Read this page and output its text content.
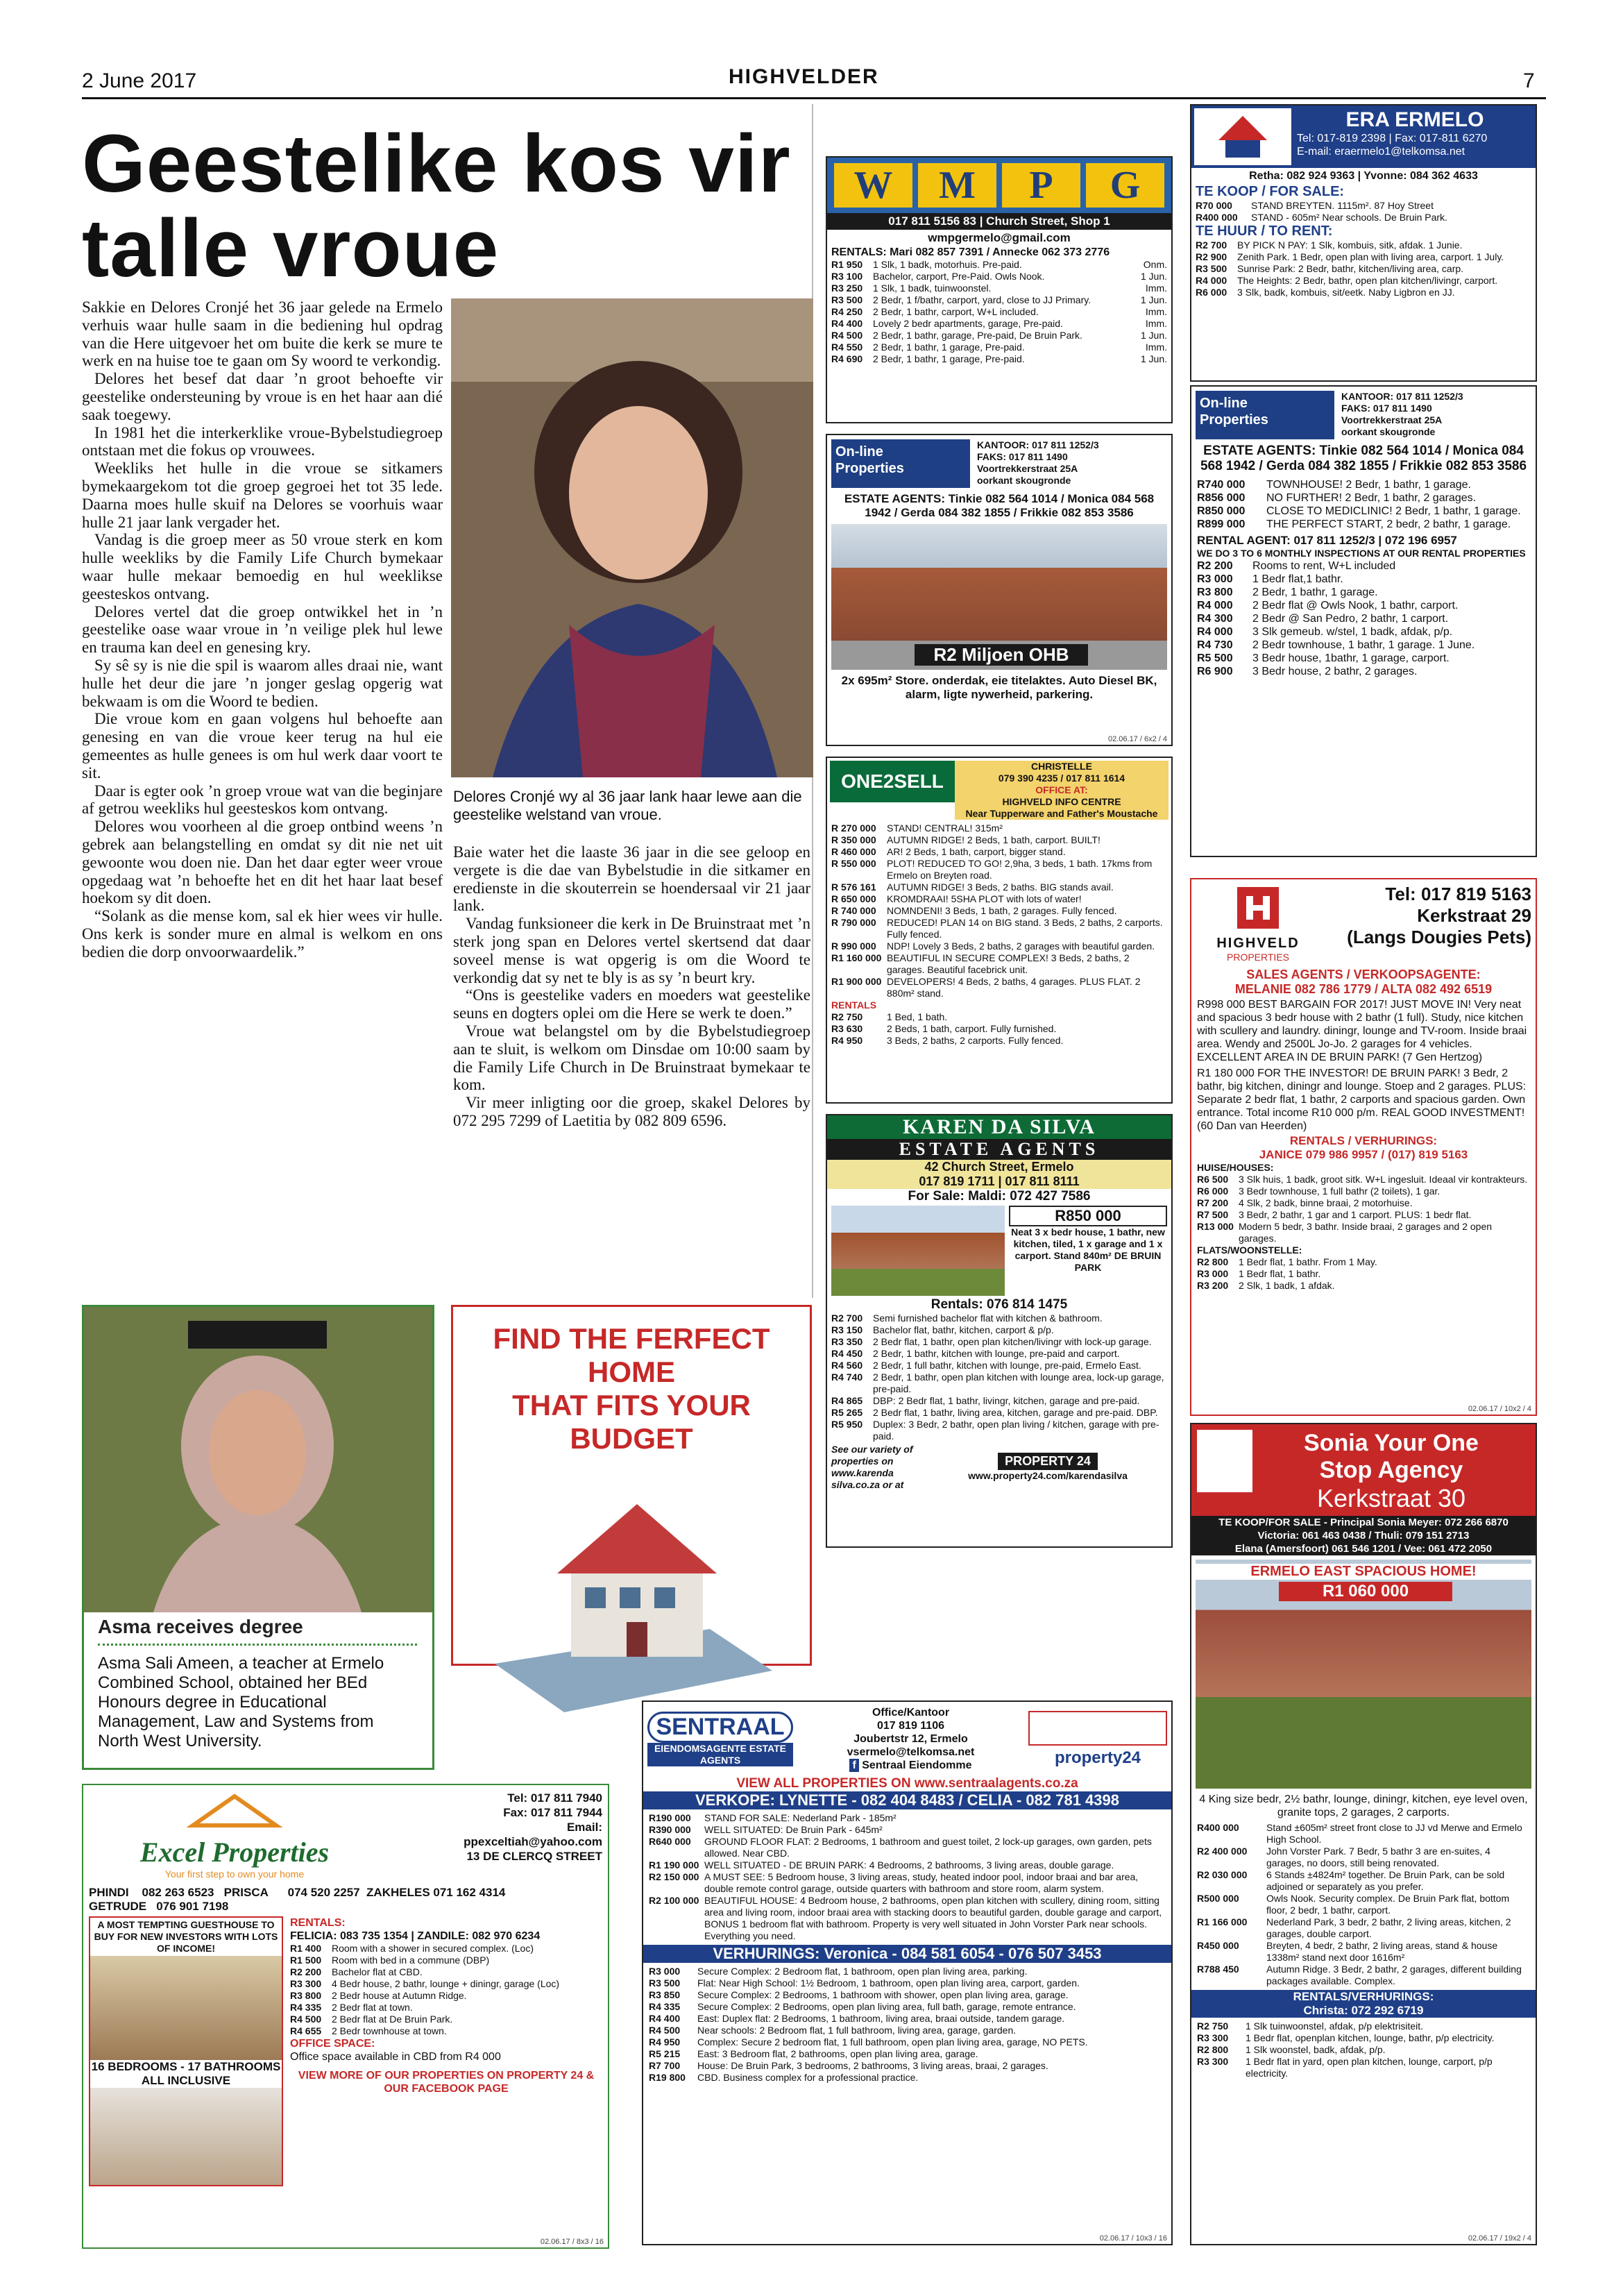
2 June 2017	HIGHVELDER	7
Geestelike kos vir talle vroue

Sakkie en Delores Cronjé het 36 jaar gelede na Ermelo verhuis waar hulle saam in die bediening hul opdrag van die Here uitgevoer het om buite die kerk se mure te werk en na huise toe te gaan om Sy woord te verkondig.

Delores het besef dat daar ’n groot behoefte vir geestelike ondersteuning by vroue is en het haar aan dié saak toegewy.

In 1981 het die interkerklike vroue-Bybelstudiegroep ontstaan met die fokus op vrouwees.

Weekliks het hulle in die vroue se sitkamers bymekaargekom tot die groep gegroei het tot 35 lede. Daarna moes hulle skuif na Delores se voorhuis waar hulle 21 jaar lank vergader het.

Vandag is die groep meer as 50 vroue sterk en kom hulle weekliks by die Family Life Church bymekaar waar hulle mekaar bemoedig en hul weeklikse geesteskos ontvang.

Delores vertel dat die groep ontwikkel het in ’n geestelike oase waar vroue in ’n veilige plek hul lewe en trauma kan deel en genesing kry.

Sy sê sy is nie die spil is waarom alles draai nie, want hulle het deur die jare ’n jonger geslag opgerig wat bekwaam is om die Woord te bedien.

Die vroue kom en gaan volgens hul behoefte aan genesing en van die vroue keer terug na hul eie gemeentes as hulle genees is om hul werk daar voort te sit.

Daar is egter ook ’n groep vroue wat van die beginjare af getrou weekliks hul geesteskos kom ontvang.

Delores wou voorheen al die groep ontbind weens ’n gebrek aan belangstelling en omdat sy dit nie net uit gewoonte wou doen nie. Dan het daar egter weer vroue opgedaag wat ’n behoefte het en dit het haar laat besef hoekom sy dit doen.

“Solank as die mense kom, sal ek hier wees vir hulle. Ons kerk is sonder mure en almal is welkom en ons bedien die dorp onvoorwaardelik.”

Delores Cronjé wy al 36 jaar lank haar lewe aan die geestelike welstand van vroue.

Baie water het die laaste 36 jaar in die see geloop en vergete is die dae van Bybelstudie in die sitkamer en eredienste in die skouterrein se hoendersaal vir 21 jaar lank.

Vandag funksioneer die kerk in De Bruinstraat met ’n sterk jong span en Delores vertel skertsend dat daar soveel mense is wat opgerig is om die Woord te verkondig dat sy net te bly is as sy ’n beurt kry.

“Ons is geestelike vaders en moeders wat geestelike seuns en dogters oplei om die Here se werk te doen.”

Vroue wat belangstel om by die Bybelstudiegroep aan te sluit, is welkom om Dinsdae om 10:00 saam by die Family Life Church in De Bruinstraat bymekaar te kom.

Vir meer inligting oor die groep, skakel Delores by 072 295 7299 of Laetitia by 082 809 6596.

Asma receives degree
Asma Sali Ameen, a teacher at Ermelo Combined School, obtained her BEd Honours degree in Educational Management, Law and Systems from North West University.
FIND THE FERFECT HOME
THAT FITS YOUR BUDGET
W	M	P	G
017 811 5156 83 | Church Street, Shop 1
wmpgermelo@gmail.com
RENTALS: Mari 082 857 7391 / Annecke 062 373 2776
R1 950	1 Slk, 1 badk, motorhuis. Pre-paid.	Onm.
R3 100	Bachelor, carport, Pre-Paid. Owls Nook.	1 Jun.
R3 250	1 Slk, 1 badk, tuinwoonstel.	Imm.
R3 500	2 Bedr, 1 f/bathr, carport, yard, close to JJ Primary.	1 Jun.
R4 250	2 Bedr, 1 bathr, carport, W+L included.	Imm.
R4 400	Lovely 2 bedr apartments, garage, Pre-paid.	Imm.
R4 500	2 Bedr, 1 bathr, garage, Pre-paid, De Bruin Park.	1 Jun.
R4 550	2 Bedr, 1 bathr, 1 garage, Pre-paid.	Imm.
R4 690	2 Bedr, 1 bathr, 1 garage, Pre-paid.	1 Jun.
On-line
Properties
KANTOOR: 017 811 1252/3
FAKS: 017 811 1490
Voortrekkerstraat 25A
oorkant skougronde
ESTATE AGENTS: Tinkie 082 564 1014 / Monica 084 568 1942 / Gerda 084 382 1855 / Frikkie 082 853 3586
R2 Miljoen OHB
2x 695m² Store. onderdak, eie titelaktes. Auto Diesel BK, alarm, ligte nywerheid, parkering.
02.06.17 / 6x2 / 4
ONE2SELL
CHRISTELLE
079 390 4235 / 017 811 1614
OFFICE AT:
HIGHVELD INFO CENTRE
Near Tupperware and Father's Moustache
R 270 000	STAND! CENTRAL! 315m²
R 350 000	AUTUMN RIDGE! 2 Beds, 1 bath, carport. BUILT!
R 460 000	AR! 2 Beds, 1 bath, carport, bigger stand.
R 550 000	PLOT! REDUCED TO GO! 2,9ha, 3 beds, 1 bath. 17kms from Ermelo on Breyten road.
R 576 161	AUTUMN RIDGE! 3 Beds, 2 baths. BIG stands avail.
R 650 000	KROMDRAAI! 5SHA PLOT with lots of water!
R 740 000	NOMNDENI! 3 Beds, 1 bath, 2 garages. Fully fenced.
R 790 000	REDUCED! PLAN 14 on BIG stand. 3 Beds, 2 baths, 2 carports. Fully fenced.
R 990 000	NDP! Lovely 3 Beds, 2 baths, 2 garages with beautiful garden.
R1 160 000 BEAUTIFUL IN SECURE COMPLEX! 3 Beds, 2 baths, 2 garages. Beautiful facebrick unit.
R1 900 000 DEVELOPERS! 4 Beds, 2 baths, 4 garages. PLUS FLAT. 2 880m² stand.
RENTALS
R2 750	1 Bed, 1 bath.
R3 630	2 Beds, 1 bath, carport. Fully furnished.
R4 950	3 Beds, 2 baths, 2 carports. Fully fenced.
KAREN DA SILVA
ESTATE AGENTS
42 Church Street, Ermelo
017 819 1711 | 017 811 8111
For Sale: Maldi: 072 427 7586
R850 000
Neat 3 x bedr house, 1 bathr, new kitchen, tiled, 1 x garage and 1 x carport. Stand 840m² DE BRUIN PARK
Rentals: 076 814 1475
R2 700	Semi furnished bachelor flat with kitchen & bathroom.
R3 150	Bachelor flat, bathr, kitchen, carport & p/p.
R3 350	2 Bedr flat, 1 bathr, open plan kitchen/livingr with lock-up garage.
R4 450	2 Bedr, 1 bathr, kitchen with lounge, pre-paid and carport.
R4 560	2 Bedr, 1 full bathr, kitchen with lounge, pre-paid, Ermelo East.
R4 740	2 Bedr, 1 bathr, open plan kitchen with lounge area, lock-up garage, pre-paid.
R4 865	DBP: 2 Bedr flat, 1 bathr, livingr, kitchen, garage and pre-paid.
R5 265	2 Bedr flat, 1 bathr, living area, kitchen, garage and pre-paid. DBP.
R5 950	Duplex: 3 Bedr, 2 bathr, open plan living / kitchen, garage with pre-paid.
See our variety of properties on www.karenda silva.co.za or at
PROPERTY 24
www.property24.com/karendasilva
ERA ERMELO
Tel: 017-819 2398 | Fax: 017-811 6270
E-mail: eraermelo1@telkomsa.net
Retha: 082 924 9363 | Yvonne: 084 362 4633
TE KOOP / FOR SALE:
R70 000	STAND BREYTEN. 1115m². 87 Hoy Street
R400 000	STAND - 605m² Near schools. De Bruin Park.
TE HUUR / TO RENT:
R2 700	BY PICK N PAY: 1 Slk, kombuis, sitk, afdak. 1 Junie.
R2 900	Zenith Park. 1 Bedr, open plan with living area, carport. 1 July.
R3 500	Sunrise Park: 2 Bedr, bathr, kitchen/living area, carp.
R4 000	The Heights: 2 Bedr, bathr, open plan kitchen/livingr, carport.
R6 000	3 Slk, badk, kombuis, sit/eetk. Naby Ligbron en JJ.
On-line
Properties
KANTOOR: 017 811 1252/3
FAKS: 017 811 1490
Voortrekkerstraat 25A
oorkant skougronde
ESTATE AGENTS: Tinkie 082 564 1014 / Monica 084 568 1942 / Gerda 084 382 1855 / Frikkie 082 853 3586
R740 000	TOWNHOUSE! 2 Bedr, 1 bathr, 1 garage.
R856 000	NO FURTHER! 2 Bedr, 1 bathr, 2 garages.
R850 000	CLOSE TO MEDICLINIC! 2 Bedr, 1 bathr, 1 garage.
R899 000	THE PERFECT START, 2 bedr, 2 bathr, 1 garage.
RENTAL AGENT: 017 811 1252/3 | 072 196 6957
WE DO 3 TO 6 MONTHLY INSPECTIONS AT OUR RENTAL PROPERTIES
R2 200	Rooms to rent, W+L included
R3 000	1 Bedr flat,1 bathr.
R3 800	2 Bedr, 1 bathr, 1 garage.
R4 000	2 Bedr flat @ Owls Nook, 1 bathr, carport.
R4 300	2 Bedr @ San Pedro, 2 bathr, 1 carport.
R4 000	3 Slk gemeub. w/stel, 1 badk, afdak, p/p.
R4 730	2 Bedr townhouse, 1 bathr, 1 garage. 1 June.
R5 500	3 Bedr house, 1bathr, 1 garage, carport.
R6 900	3 Bedr house, 2 bathr, 2 garages.
HIGHVELD
PROPERTIES
Tel: 017 819 5163
Kerkstraat 29
(Langs Dougies Pets)
SALES AGENTS / VERKOOPSAGENTE:
MELANIE 082 786 1779 / ALTA 082 492 6519
R998 000 BEST BARGAIN FOR 2017! JUST MOVE IN! Very neat and spacious 3 bedr house with 2 bathr (1 full). Study, nice kitchen with scullery and laundry. diningr, lounge and TV-room. Inside braai area. Wendy and 2500L Jo-Jo. 2 garages for 4 vehicles. EXCELLENT AREA IN DE BRUIN PARK! (7 Gen Hertzog)
R1 180 000 FOR THE INVESTOR! DE BRUIN PARK! 3 Bedr, 2 bathr, big kitchen, diningr and lounge. Stoep and 2 garages. PLUS: Separate 2 bedr flat, 1 bathr, 2 carports and spacious garden. Own entrance. Total income R10 000 p/m. REAL GOOD INVESTMENT! (60 Dan van Heerden)
RENTALS / VERHURINGS:
JANICE 079 986 9957 / (017) 819 5163
HUISE/HOUSES:
R6 500	3 Slk huis, 1 badk, groot sitk. W+L ingesluit. Ideaal vir kontrakteurs.
R6 000	3 Bedr townhouse, 1 full bathr (2 toilets), 1 gar.
R7 200	4 Slk, 2 badk, binne braai, 2 motorhuise.
R7 500	3 Bedr, 2 bathr, 1 gar and 1 carport. PLUS: 1 bedr flat.
R13 000 Modern 5 bedr, 3 bathr. Inside braai, 2 garages and 2 open garages.
FLATS/WOONSTELLE:
R2 800	1 Bedr flat, 1 bathr. From 1 May.
R3 000	1 Bedr flat, 1 bathr.
R3 200	2 Slk, 1 badk, 1 afdak.
02.06.17 / 10x2 / 4
Sonia Your One
Stop Agency
Kerkstraat 30
TE KOOP/FOR SALE - Principal Sonia Meyer: 072 266 6870
Victoria: 061 463 0438 / Thuli: 079 151 2713
Elana (Amersfoort) 061 546 1201 / Vee: 061 472 2050
ERMELO EAST SPACIOUS HOME!
R1 060 000
4 King size bedr, 2½ bathr, lounge, diningr, kitchen, eye level oven, granite tops, 2 garages, 2 carports.
R400 000	Stand ±605m² street front close to JJ vd Merwe and Ermelo High School.
R2 400 000	John Vorster Park. 7 Bedr, 5 bathr 3 are en-suites, 4 garages, no doors, still being renovated.
R2 030 000	6 Stands ±4824m² together. De Bruin Park, can be sold adjoined or separately as you prefer.
R500 000	Owls Nook. Security complex. De Bruin Park flat, bottom floor, 2 bedr, 1 bathr, carport.
R1 166 000	Nederland Park, 3 bedr, 2 bathr, 2 living areas, kitchen, 2 garages, double carport.
R450 000	Breyten, 4 bedr, 2 bathr, 2 living areas, stand & house 1338m² stand next door 1616m²
R788 450	Autumn Ridge. 3 Bedr, 2 bathr, 2 garages, different building packages available. Complex.
RENTALS/VERHURINGS:
Christa: 072 292 6719
R2 750	1 Slk tuinwoonstel, afdak, p/p elektrisiteit.
R3 300	1 Bedr flat, openplan kitchen, lounge, bathr, p/p electricity.
R2 800	1 Slk woonstel, badk, afdak, p/p.
R3 300	1 Bedr flat in yard, open plan kitchen, lounge, carport, p/p electricity.
02.06.17 / 19x2 / 4
Excel Properties
Your first step to own your home
Tel: 017 811 7940
Fax: 017 811 7944
Email:
ppexceltiah@yahoo.com
13 DE CLERCQ STREET
PHINDI    082 263 6523   PRISCA      074 520 2257  ZAKHELES 071 162 4314
GETRUDE   076 901 7198
A MOST TEMPTING GUESTHOUSE TO BUY FOR NEW INVESTORS WITH LOTS OF INCOME!
16 BEDROOMS - 17 BATHROOMS ALL INCLUSIVE
RENTALS:
FELICIA: 083 735 1354 | ZANDILE: 082 970 6234
R1 400	Room with a shower in secured complex. (Loc)
R1 500	Room with bed in a commune (DBP)
R2 200	Bachelor flat at CBD.
R3 300	4 Bedr house, 2 bathr, lounge + diningr, garage (Loc)
R3 800	2 Bedr house at Autumn Ridge.
R4 335	2 Bedr flat at town.
R4 500	2 Bedr flat at De Bruin Park.
R4 655	2 Bedr townhouse at town.
OFFICE SPACE:
Office space available in CBD from R4 000
VIEW MORE OF OUR PROPERTIES ON PROPERTY 24 & OUR FACEBOOK PAGE
02.06.17 / 8x3 / 16
SENTRAAL
EIENDOMSAGENTE ESTATE AGENTS
Office/Kantoor
017 819 1106
Joubertstr 12, Ermelo
vsermelo@telkomsa.net
f Sentraal Eiendomme	property24
VIEW ALL PROPERTIES ON www.sentraalagents.co.za
VERKOPE: LYNETTE - 082 404 8483 / CELIA - 082 781 4398
R190 000	STAND FOR SALE: Nederland Park - 185m²
R390 000	WELL SITUATED: De Bruin Park - 645m²
R640 000	GROUND FLOOR FLAT: 2 Bedrooms, 1 bathroom and guest toilet, 2 lock-up garages, own garden, pets allowed. Near CBD.
R1 190 000 WELL SITUATED - DE BRUIN PARK: 4 Bedrooms, 2 bathrooms, 3 living areas, double garage.
R2 150 000 A MUST SEE: 5 Bedroom house, 3 living areas, study, heated indoor pool, indoor braai and bar area, double remote control garage, outside quarters with bathroom and store room, alarm system.
R2 100 000 BEAUTIFUL HOUSE: 4 Bedroom house, 2 bathrooms, open plan kitchen with scullery, dining room, sitting area and living room, indoor braai area with stacking doors to beautiful garden, double garage and carport, BONUS 1 bedroom flat with bathroom. Property is very well situated in John Vorster Park near schools. Everything you need.
VERHURINGS: Veronica - 084 581 6054 - 076 507 3453
R3 000	Secure Complex: 2 Bedroom flat, 1 bathroom, open plan living area, parking.
R3 500	Flat: Near High School: 1½ Bedroom, 1 bathroom, open plan living area, carport, garden.
R3 850	Secure Complex: 2 Bedrooms, 1 bathroom with shower, open plan living area, garage.
R4 335	Secure Complex: 2 Bedrooms, open plan living area, full bath, garage, remote entrance.
R4 400	East: Duplex flat: 2 Bedrooms, 1 bathroom, living area, braai outside, tandem garage.
R4 500	Near schools: 2 Bedroom flat, 1 full bathroom, living area, garage, garden.
R4 950	Complex: Secure 2 bedroom flat, 1 full bathroom, open plan living area, garage, NO PETS.
R5 215	East: 3 Bedroom flat, 2 bathrooms, open plan living area, garage.
R7 700	House: De Bruin Park, 3 bedrooms, 2 bathrooms, 3 living areas, braai, 2 garages.
R19 800	CBD. Business complex for a professional practice.
02.06.17 / 10x3 / 16
